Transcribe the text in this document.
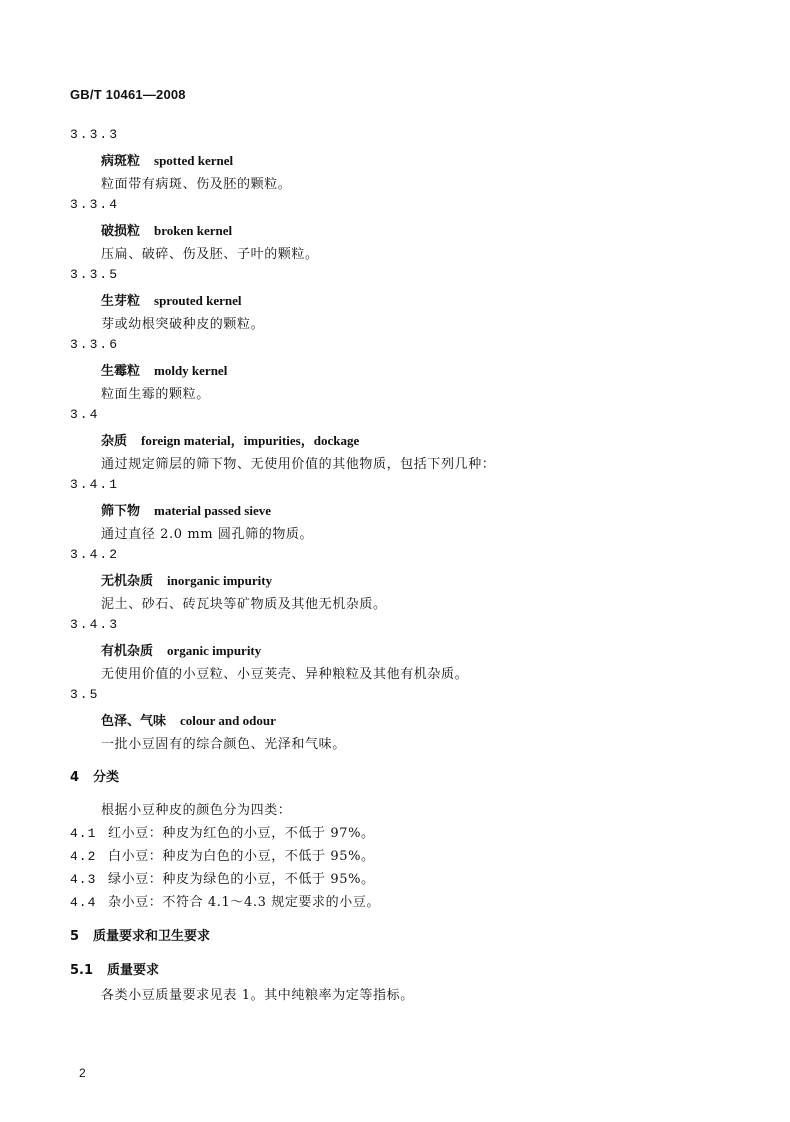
GB/T 10461—2008
3.3.3
病斑粒 spotted kernel
粒面带有病斑、伤及胚的颗粒。
3.3.4
破损粒 broken kernel
压扁、破碎、伤及胚、子叶的颗粒。
3.3.5
生芽粒 sprouted kernel
芽或幼根突破种皮的颗粒。
3.3.6
生霉粒 moldy kernel
粒面生霉的颗粒。
3.4
杂质 foreign material，impurities，dockage
通过规定筛层的筛下物、无使用价值的其他物质，包括下列几种：
3.4.1
筛下物 material passed sieve
通过直径 2.0 mm 圆孔筛的物质。
3.4.2
无机杂质 inorganic impurity
泥土、砂石、砖瓦块等矿物质及其他无机杂质。
3.4.3
有机杂质 organic impurity
无使用价值的小豆粒、小豆荚壳、异种粮粒及其他有机杂质。
3.5
色泽、气味 colour and odour
一批小豆固有的综合颜色、光泽和气味。
4 分类
根据小豆种皮的颜色分为四类：
4.1 红小豆：种皮为红色的小豆，不低于 97%。
4.2 白小豆：种皮为白色的小豆，不低于 95%。
4.3 绿小豆：种皮为绿色的小豆，不低于 95%。
4.4 杂小豆：不符合 4.1～4.3 规定要求的小豆。
5 质量要求和卫生要求
5.1 质量要求
各类小豆质量要求见表 1。其中纯粮率为定等指标。
2
